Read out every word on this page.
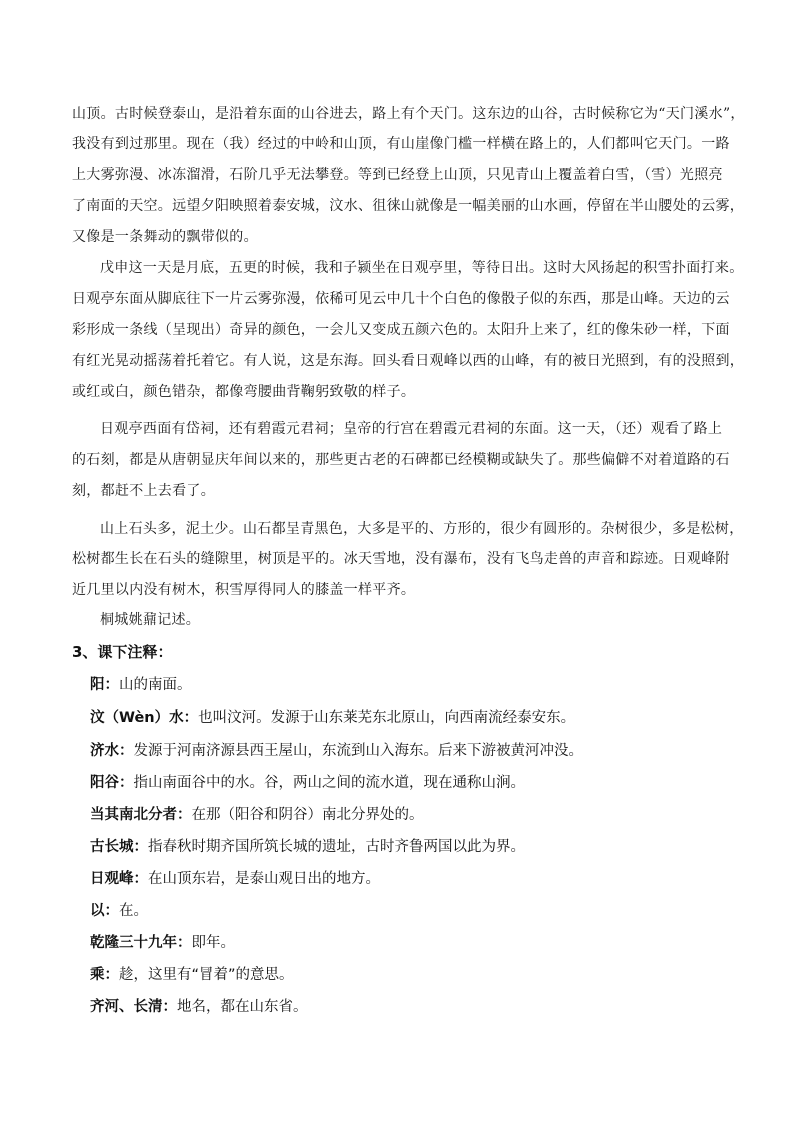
山顶。古时候登泰山，是沿着东面的山谷进去，路上有个天门。这东边的山谷，古时候称它为“天门溪水”，
我没有到过那里。现在（我）经过的中岭和山顶，有山崖像门槛一样横在路上的，人们都叫它天门。一路
上大雾弥漫、冰冻溜滑，石阶几乎无法攀登。等到已经登上山顶，只见青山上覆盖着白雪，（雪）光照亮
了南面的天空。远望夕阳映照着泰安城，汶水、徂徕山就像是一幅美丽的山水画，停留在半山腰处的云雾，
又像是一条舞动的飘带似的。
戊申这一天是月底，五更的时候，我和子颍坐在日观亭里，等待日出。这时大风扬起的积雪扑面打来。
日观亭东面从脚底往下一片云雾弥漫，依稀可见云中几十个白色的像骰子似的东西，那是山峰。天边的云
彩形成一条线（呈现出）奇异的颜色，一会儿又变成五颜六色的。太阳升上来了，红的像朱砂一样，下面
有红光晃动摇荡着托着它。有人说，这是东海。回头看日观峰以西的山峰，有的被日光照到，有的没照到，
或红或白，颜色错杂，都像弯腰曲背鞠躬致敬的样子。
日观亭西面有岱祠，还有碧霞元君祠；皇帝的行宫在碧霞元君祠的东面。这一天，（还）观看了路上
的石刻，都是从唐朝显庆年间以来的，那些更古老的石碑都已经模糊或缺失了。那些偏僻不对着道路的石
刻，都赶不上去看了。
山上石头多，泥土少。山石都呈青黑色，大多是平的、方形的，很少有圆形的。杂树很少，多是松树，
松树都生长在石头的缝隙里，树顶是平的。冰天雪地，没有瀑布，没有飞鸟走兽的声音和踪迹。日观峰附
近几里以内没有树木，积雪厚得同人的膝盖一样平齐。
桐城姚鼐记述。
3、课下注释：
阳：山的南面。
汶（Wèn）水：也叫汶河。发源于山东莱芜东北原山，向西南流经泰安东。
济水：发源于河南济源县西王屋山，东流到山入海东。后来下游被黄河冲没。
阳谷：指山南面谷中的水。谷，两山之间的流水道，现在通称山涧。
当其南北分者：在那（阳谷和阴谷）南北分界处的。
古长城：指春秋时期齐国所筑长城的遗址，古时齐鲁两国以此为界。
日观峰：在山顶东岩，是泰山观日出的地方。
以：在。
乾隆三十九年：即年。
乘：趁，这里有“冒着”的意思。
齐河、长清：地名，都在山东省。
